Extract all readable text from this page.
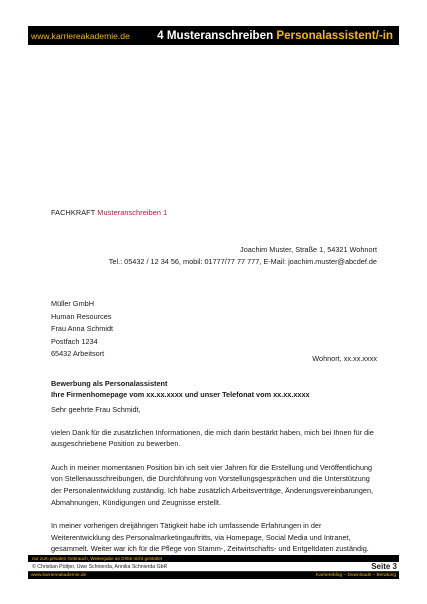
www.karriereakademie.de 4 Musteranschreiben Personalassistent/-in
FACHKRAFT Musteranschreiben 1
Joachim Muster, Straße 1, 54321 Wohnort
Tel.: 05432 / 12 34 56, mobil: 01777/77 77 777, E-Mail: joachim.muster@abcdef.de
Müller GmbH
Human Resources
Frau Anna Schmidt
Postfach 1234
65432 Arbeitsort
Wohnort, xx.xx.xxxx
Bewerbung als Personalassistent
Ihre Firmenhomepage vom xx.xx.xxxx und unser Telefonat vom xx.xx.xxxx

Sehr geehrte Frau Schmidt,

vielen Dank für die zusätzlichen Informationen, die mich darin bestärkt haben, mich bei Ihnen für die ausgeschriebene Position zu bewerben.

Auch in meiner momentanen Position bin ich seit vier Jahren für die Erstellung und Veröffentlichung von Stellenausschreibungen, die Durchführung von Vorstellungsgesprächen und die Unterstützung der Personalentwicklung zuständig. Ich habe zusätzlich Arbeitsverträge, Änderungsvereinbarungen, Abmahnungen, Kündigungen und Zeugnisse erstellt.

In meiner vorherigen dreijährigen Tätigkeit habe ich umfassende Erfahrungen in der Weiterentwicklung des Personalmarketingauftritts, via Homepage, Social Media und Intranet, gesammelt. Weiter war ich für die Pflege von Stamm-, Zeitwirtschafts- und Entgeltdaten zuständig.

nur zum privaten Gebrauch, Weitergabe an Dritte nicht gestattet
© Christian Püttjer, Uwe Schnierda, Annika Schnierda GbR	Seite 3
www.karriereakademie.de	Karriereblog – Downloads – Beratung
